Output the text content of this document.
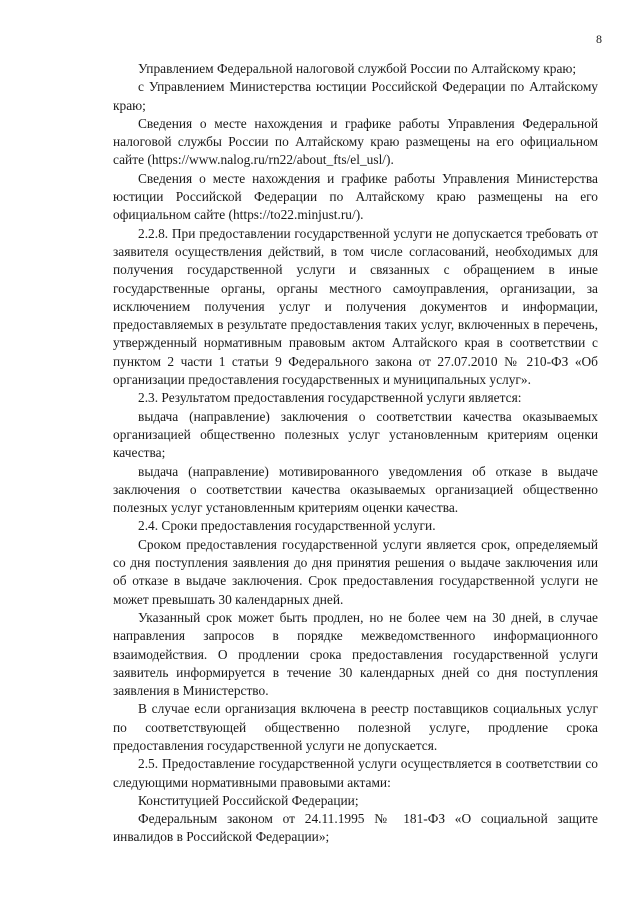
8

Управлением Федеральной налоговой службой России по Алтайскому краю;

с Управлением Министерства юстиции Российской Федерации по Алтайскому краю;

Сведения о месте нахождения и графике работы Управления Федеральной налоговой службы России по Алтайскому краю размещены на его официальном сайте (https://www.nalog.ru/rn22/about_fts/el_usl/).

Сведения о месте нахождения и графике работы Управления Министерства юстиции Российской Федерации по Алтайскому краю размещены на его официальном сайте (https://to22.minjust.ru/).

2.2.8. При предоставлении государственной услуги не допускается требовать от заявителя осуществления действий, в том числе согласований, необходимых для получения государственной услуги и связанных с обращением в иные государственные органы, органы местного самоуправления, организации, за исключением получения услуг и получения документов и информации, предоставляемых в результате предоставления таких услуг, включенных в перечень, утвержденный нормативным правовым актом Алтайского края в соответствии с пунктом 2 части 1 статьи 9 Федерального закона от 27.07.2010 № 210-ФЗ «Об организации предоставления государственных и муниципальных услуг».

2.3. Результатом предоставления государственной услуги является:

выдача (направление) заключения о соответствии качества оказываемых организацией общественно полезных услуг установленным критериям оценки качества;

выдача (направление) мотивированного уведомления об отказе в выдаче заключения о соответствии качества оказываемых организацией общественно полезных услуг установленным критериям оценки качества.

2.4. Сроки предоставления государственной услуги.

Сроком предоставления государственной услуги является срок, определяемый со дня поступления заявления до дня принятия решения о выдаче заключения или об отказе в выдаче заключения. Срок предоставления государственной услуги не может превышать 30 календарных дней.

Указанный срок может быть продлен, но не более чем на 30 дней, в случае направления запросов в порядке межведомственного информационного взаимодействия. О продлении срока предоставления государственной услуги заявитель информируется в течение 30 календарных дней со дня поступления заявления в Министерство.

В случае если организация включена в реестр поставщиков социальных услуг по соответствующей общественно полезной услуге, продление срока предоставления государственной услуги не допускается.

2.5. Предоставление государственной услуги осуществляется в соответствии со следующими нормативными правовыми актами:

Конституцией Российской Федерации;

Федеральным законом от 24.11.1995 № 181-ФЗ «О социальной защите инвалидов в Российской Федерации»;
